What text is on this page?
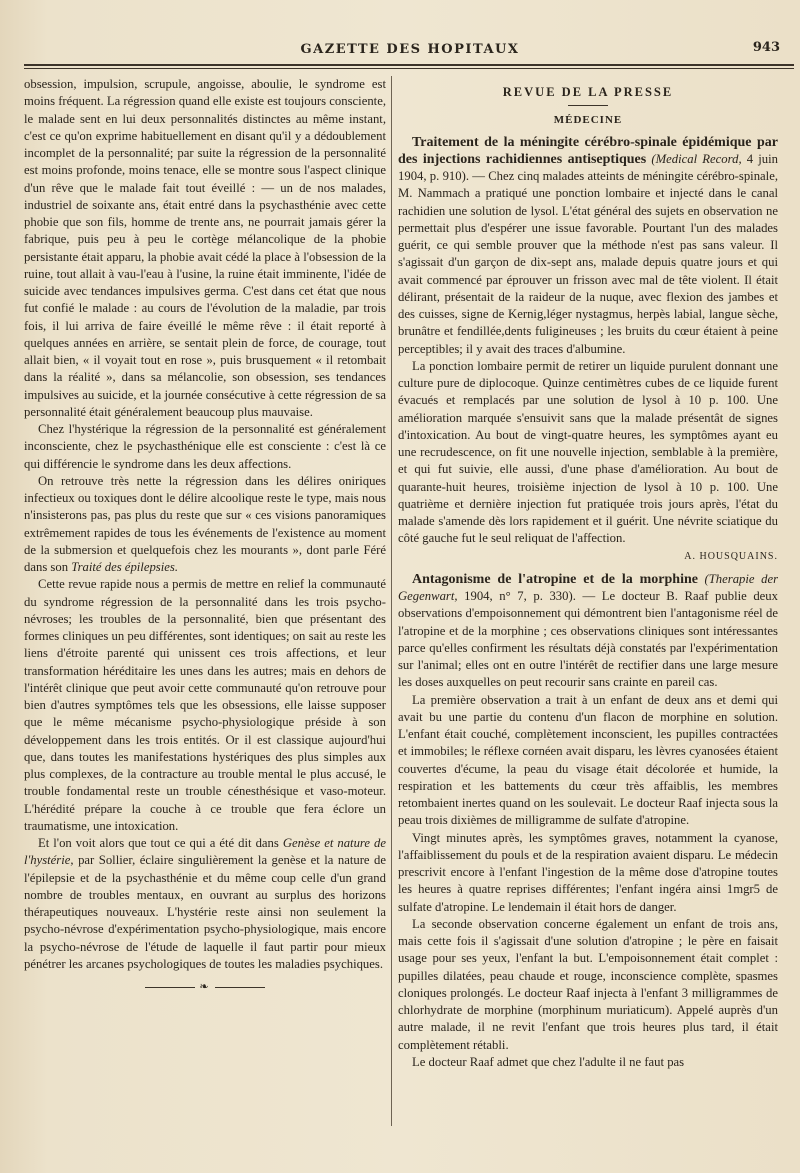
GAZETTE DES HOPITAUX	943

obsession, impulsion, scrupule, angoisse, aboulie, le syndrome est moins fréquent. La régression quand elle existe est toujours consciente, le malade sent en lui deux personnalités distinctes au même instant, c'est ce qu'on exprime habituellement en disant qu'il y a dédoublement incomplet de la personnalité; par suite la régression de la personnalité est moins profonde, moins tenace, elle se montre sous l'aspect clinique d'un rêve que le malade fait tout éveillé : — un de nos malades, industriel de soixante ans, était entré dans la psychasthénie avec cette phobie que son fils, homme de trente ans, ne pourrait jamais gérer la fabrique, puis peu à peu le cortège mélancolique de la phobie persistante était apparu, la phobie avait cédé la place à l'obsession de la ruine, tout allait à vau-l'eau à l'usine, la ruine était imminente, l'idée de suicide avec tendances impulsives germa. C'est dans cet état que nous fut confié le malade : au cours de l'évolution de la maladie, par trois fois, il lui arriva de faire éveillé le même rêve : il était reporté à quelques années en arrière, se sentait plein de force, de courage, tout allait bien, « il voyait tout en rose », puis brusquement « il retombait dans la réalité », dans sa mélancolie, son obsession, ses tendances impulsives au suicide, et la journée consécutive à cette régression de sa personnalité était généralement beaucoup plus mauvaise.

Chez l'hystérique la régression de la personnalité est généralement inconsciente, chez le psychasthénique elle est consciente : c'est là ce qui différencie le syndrome dans les deux affections.

On retrouve très nette la régression dans les délires oniriques infectieux ou toxiques dont le délire alcoolique reste le type, mais nous n'insisterons pas, pas plus du reste que sur « ces visions panoramiques extrêmement rapides de tous les événements de l'existence au moment de la submersion et quelquefois chez les mourants », dont parle Féré dans son Traité des épilepsies.

Cette revue rapide nous a permis de mettre en relief la communauté du syndrome régression de la personnalité dans les trois psycho-névroses; les troubles de la personnalité, bien que présentant des formes cliniques un peu différentes, sont identiques; on sait au reste les liens d'étroite parenté qui unissent ces trois affections, et leur transformation héréditaire les unes dans les autres; mais en dehors de l'intérêt clinique que peut avoir cette communauté qu'on retrouve pour bien d'autres symptômes tels que les obsessions, elle laisse supposer que le même mécanisme psycho-physiologique préside à son développement dans les trois entités. Or il est classique aujourd'hui que, dans toutes les manifestations hystériques des plus simples aux plus complexes, de la contracture au trouble mental le plus accusé, le trouble fondamental reste un trouble cénesthésique et vaso-moteur. L'hérédité prépare la couche à ce trouble que fera éclore un traumatisme, une intoxication.

Et l'on voit alors que tout ce qui a été dit dans Genèse et nature de l'hystérie, par Sollier, éclaire singulièrement la genèse et la nature de l'épilepsie et de la psychasthénie et du même coup celle d'un grand nombre de troubles mentaux, en ouvrant au surplus des horizons thérapeutiques nouveaux. L'hystérie reste ainsi non seulement la psycho-névrose d'expérimentation psycho-physiologique, mais encore la psycho-névrose de l'étude de laquelle il faut partir pour mieux pénétrer les arcanes psychologiques de toutes les maladies psychiques.

❧
REVUE DE LA PRESSE
MÉDECINE

Traitement de la méningite cérébro-spinale épidémique par des injections rachidiennes antiseptiques (Medical Record, 4 juin 1904, p. 910). — Chez cinq malades atteints de méningite cérébro-spinale, M. Nammach a pratiqué une ponction lombaire et injecté dans le canal rachidien une solution de lysol. L'état général des sujets en observation ne permettait plus d'espérer une issue favorable. Pourtant l'un des malades guérit, ce qui semble prouver que la méthode n'est pas sans valeur. Il s'agissait d'un garçon de dix-sept ans, malade depuis quatre jours et qui avait commencé par éprouver un frisson avec mal de tête violent. Il était délirant, présentait de la raideur de la nuque, avec flexion des jambes et des cuisses, signe de Kernig,léger nystagmus, herpès labial, langue sèche, brunâtre et fendillée,dents fuligineuses ; les bruits du cœur étaient à peine perceptibles; il y avait des traces d'albumine.

La ponction lombaire permit de retirer un liquide purulent donnant une culture pure de diplocoque. Quinze centimètres cubes de ce liquide furent évacués et remplacés par une solution de lysol à 10 p. 100. Une amélioration marquée s'ensuivit sans que la malade présentât de signes d'intoxication. Au bout de vingt-quatre heures, les symptômes ayant eu une recrudescence, on fit une nouvelle injection, semblable à la première, et qui fut suivie, elle aussi, d'une phase d'amélioration. Au bout de quarante-huit heures, troisième injection de lysol à 10 p. 100. Une quatrième et dernière injection fut pratiquée trois jours après, l'état du malade s'amende dès lors rapidement et il guérit. Une névrite sciatique du côté gauche fut le seul reliquat de l'affection.

A. HOUSQUAINS.

Antagonisme de l'atropine et de la morphine (Therapie der Gegenwart, 1904, n° 7, p. 330). — Le docteur B. Raaf publie deux observations d'empoisonnement qui démontrent bien l'antagonisme réel de l'atropine et de la morphine ; ces observations cliniques sont intéressantes parce qu'elles confirment les résultats déjà constatés par l'expérimentation sur l'animal; elles ont en outre l'intérêt de rectifier dans une large mesure les doses auxquelles on peut recourir sans crainte en pareil cas.

La première observation a trait à un enfant de deux ans et demi qui avait bu une partie du contenu d'un flacon de morphine en solution. L'enfant était couché, complètement inconscient, les pupilles contractées et immobiles; le réflexe cornéen avait disparu, les lèvres cyanosées étaient couvertes d'écume, la peau du visage était décolorée et humide, la respiration et les battements du cœur très affaiblis, les membres retombaient inertes quand on les soulevait. Le docteur Raaf injecta sous la peau trois dixièmes de milligramme de sulfate d'atropine.

Vingt minutes après, les symptômes graves, notamment la cyanose, l'affaiblissement du pouls et de la respiration avaient disparu. Le médecin prescrivit encore à l'enfant l'ingestion de la même dose d'atropine toutes les heures à quatre reprises différentes; l'enfant ingéra ainsi 1mgr5 de sulfate d'atropine. Le lendemain il était hors de danger.

La seconde observation concerne également un enfant de trois ans, mais cette fois il s'agissait d'une solution d'atropine ; le père en faisait usage pour ses yeux, l'enfant la but. L'empoisonnement était complet : pupilles dilatées, peau chaude et rouge, inconscience complète, spasmes cloniques prolongés. Le docteur Raaf injecta à l'enfant 3 milligrammes de chlorhydrate de morphine (morphinum muriaticum). Appelé auprès d'un autre malade, il ne revit l'enfant que trois heures plus tard, il était complètement rétabli.

Le docteur Raaf admet que chez l'adulte il ne faut pas
